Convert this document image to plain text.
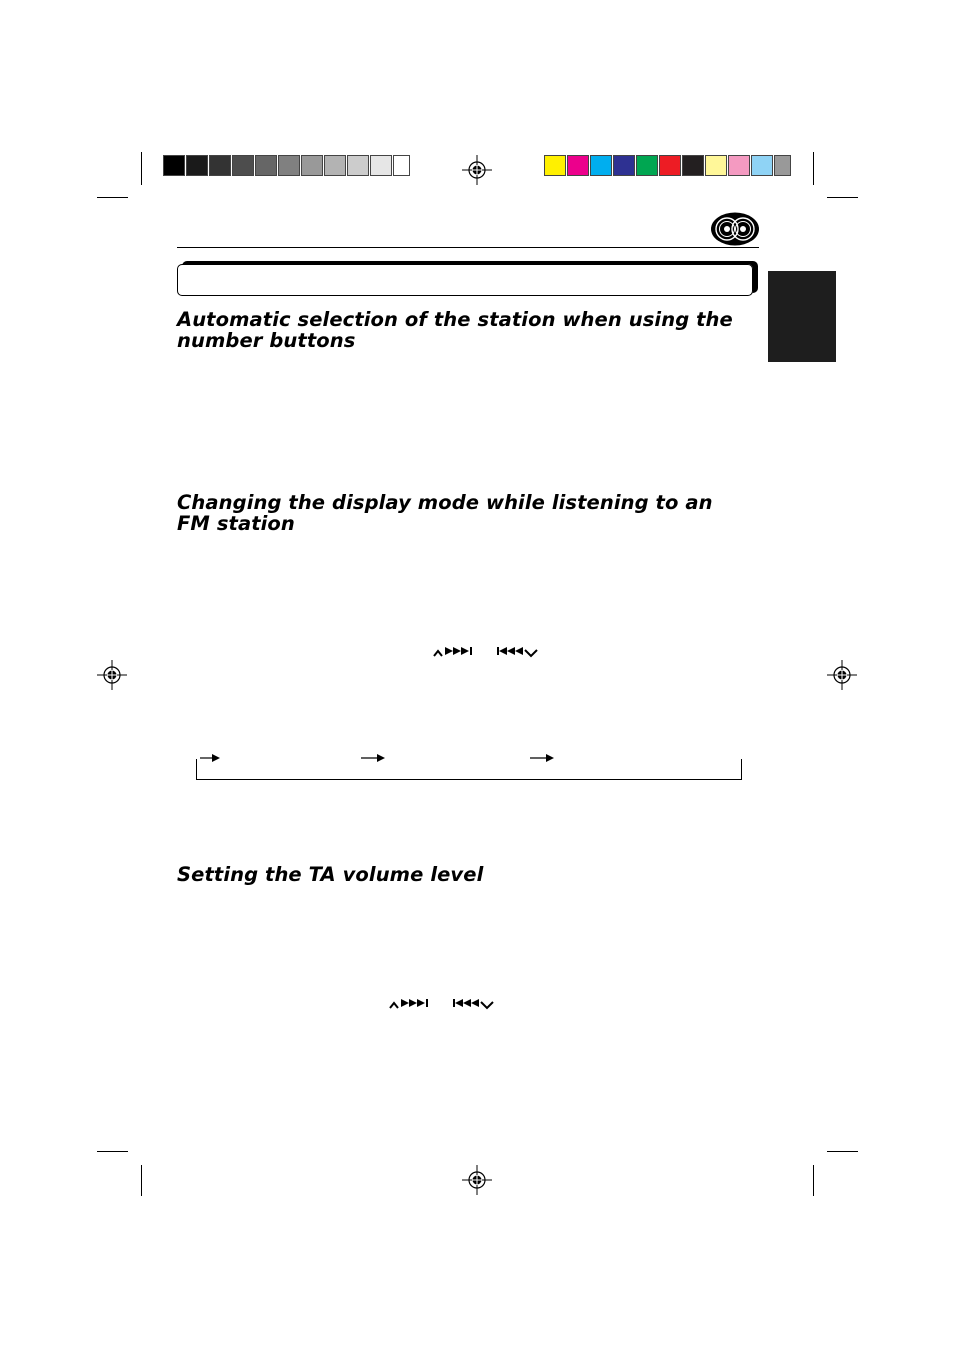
Automatic selection of the station when using the number buttons
Changing the display mode while listening to an FM station
Setting the TA volume level
